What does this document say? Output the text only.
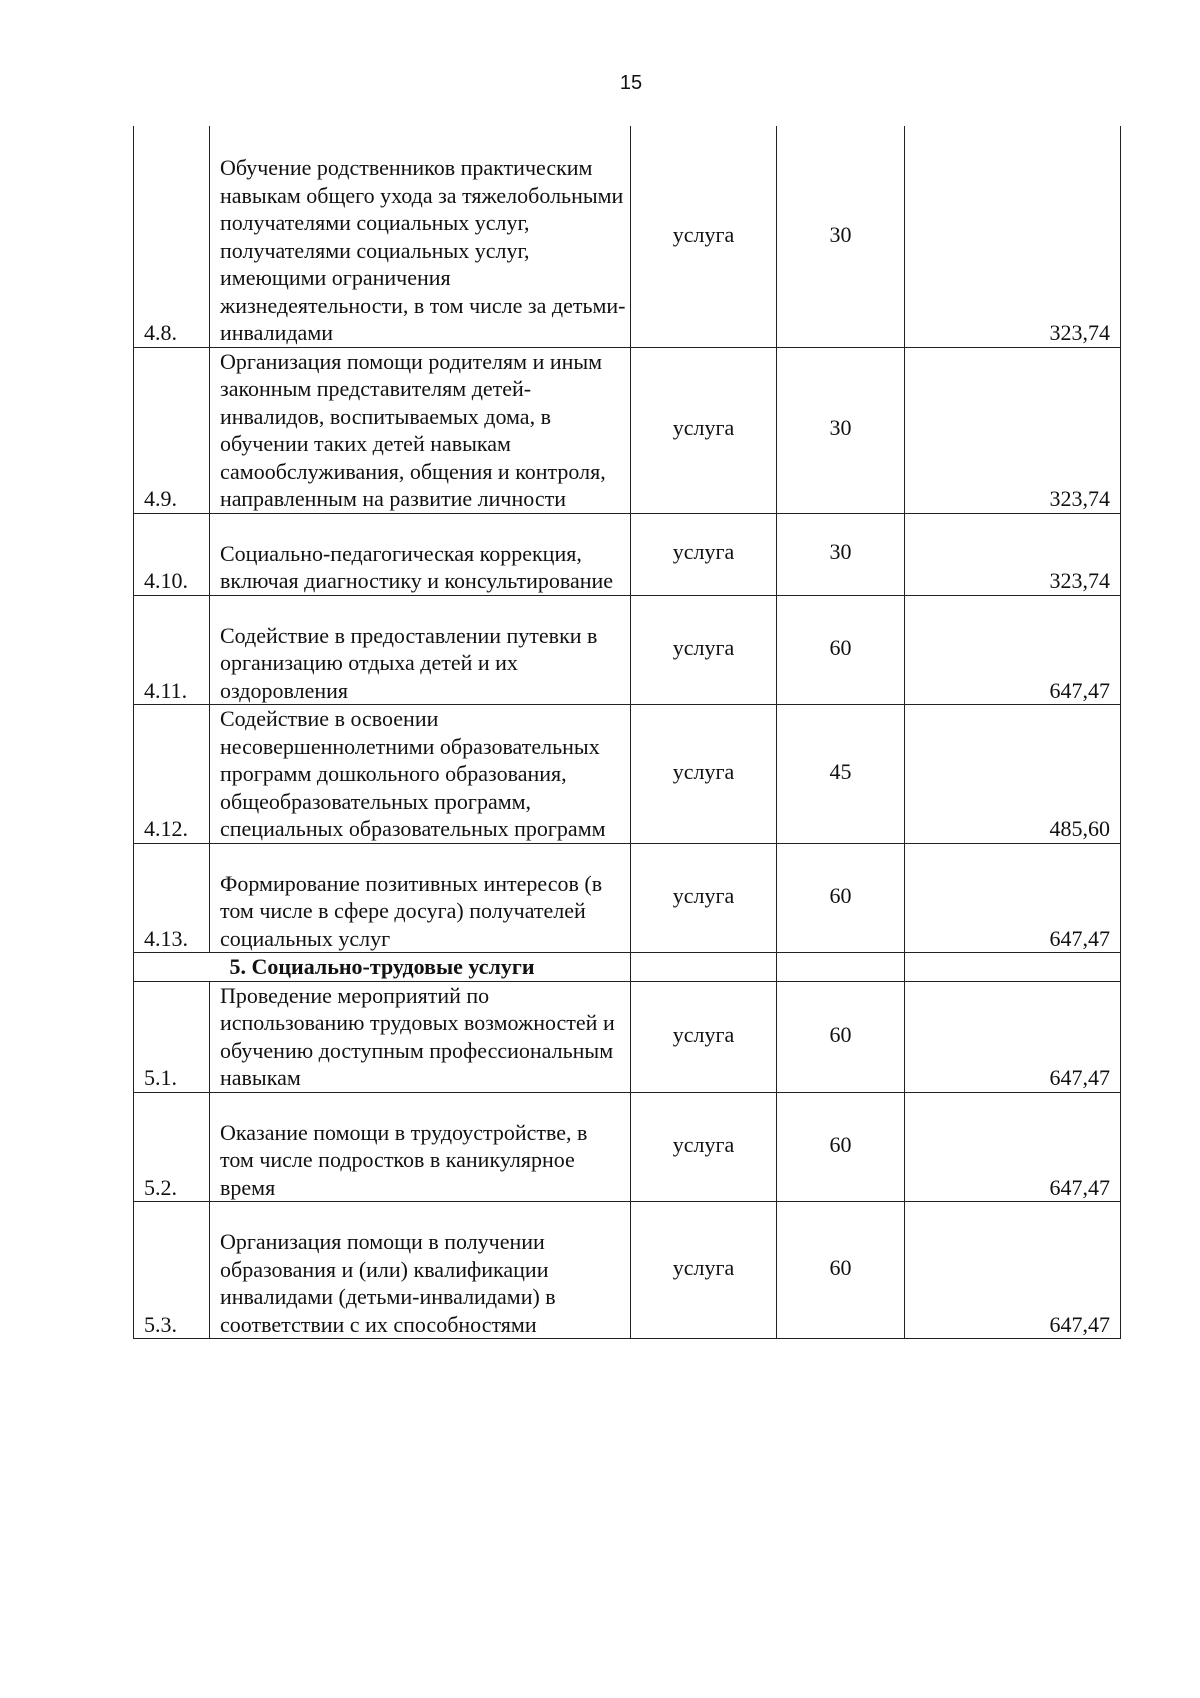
15
4.8.	Обучение родственников практическим навыкам общего ухода за тяжелобольными получателями социальных услуг, получателями социальных услуг, имеющими ограничения жизнедеятельности, в том числе за детьми-инвалидами	услуга	30	323,74
4.9.	Организация помощи родителям и иным законным представителям детей-инвалидов, воспитываемых дома, в обучении таких детей навыкам самообслуживания, общения и контроля, направленным на развитие личности	услуга	30	323,74
4.10.	Социально-педагогическая коррекция, включая диагностику и консультирование	услуга	30	323,74
4.11.	Содействие в предоставлении путевки в организацию отдыха детей и их оздоровления	услуга	60	647,47
4.12.	Содействие в освоении несовершеннолетними образовательных программ дошкольного образования, общеобразовательных программ, специальных образовательных программ	услуга	45	485,60
4.13.	Формирование позитивных интересов (в том числе в сфере досуга) получателей социальных услуг	услуга	60	647,47
5. Социально-трудовые услуги				
5.1.	Проведение мероприятий по использованию трудовых возможностей и обучению доступным профессиональным навыкам	услуга	60	647,47
5.2.	Оказание помощи в трудоустройстве, в том числе подростков в каникулярное время	услуга	60	647,47
5.3.	Организация помощи в получении образования и (или) квалификации инвалидами (детьми-инвалидами) в соответствии с их способностями	услуга	60	647,47
